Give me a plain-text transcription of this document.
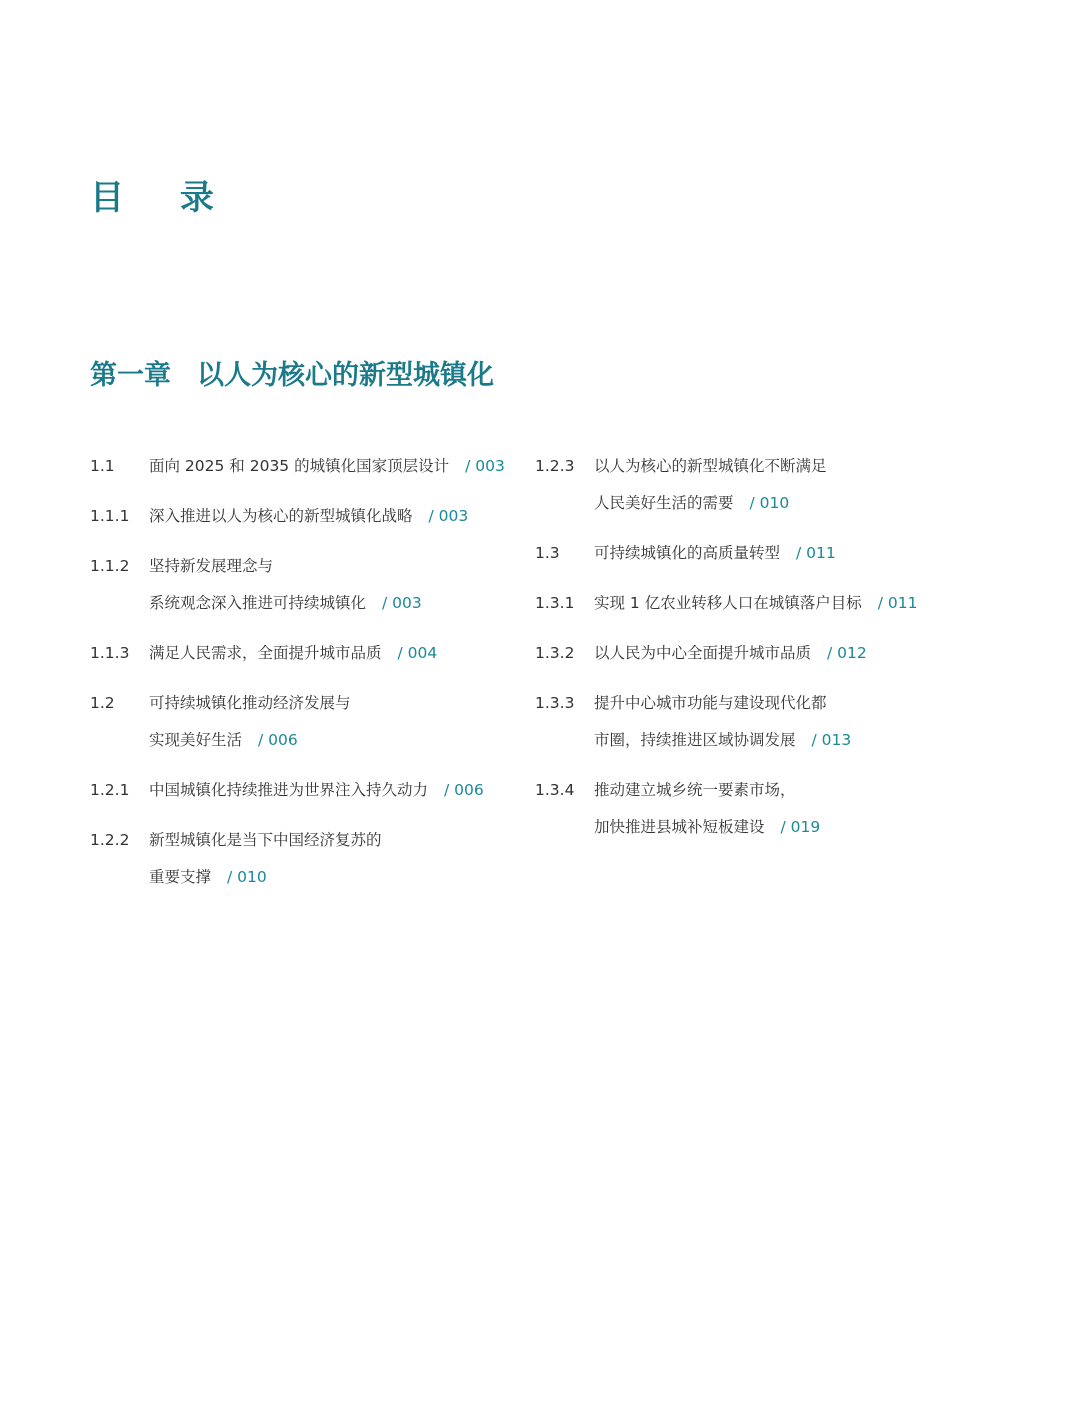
目 录
第一章 以人为核心的新型城镇化
1.1	面向 2025 和 2035 的城镇化国家顶层设计 / 003
1.1.1	深入推进以人为核心的新型城镇化战略 / 003
1.1.2	坚持新发展理念与
系统观念深入推进可持续城镇化 / 003
1.1.3	满足人民需求，全面提升城市品质 / 004
1.2	可持续城镇化推动经济发展与
实现美好生活 / 006
1.2.1	中国城镇化持续推进为世界注入持久动力 / 006
1.2.2	新型城镇化是当下中国经济复苏的
重要支撑 / 010
1.2.3	以人为核心的新型城镇化不断满足
人民美好生活的需要 / 010
1.3	可持续城镇化的高质量转型 / 011
1.3.1	实现 1 亿农业转移人口在城镇落户目标 / 011
1.3.2	以人民为中心全面提升城市品质 / 012
1.3.3	提升中心城市功能与建设现代化都
市圈，持续推进区域协调发展 / 013
1.3.4	推动建立城乡统一要素市场，
加快推进县城补短板建设 / 019
